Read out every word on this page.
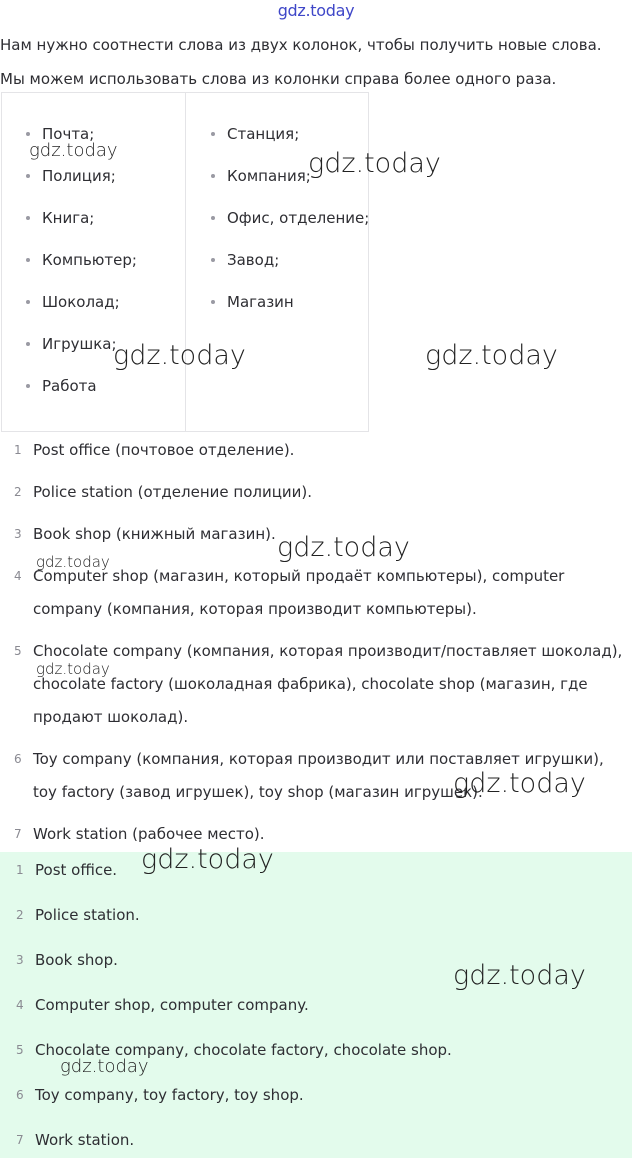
gdz.today

Нам нужно соотнести слова из двух колонок, чтобы получить новые слова. Мы можем использовать слова из колонки справа более одного раза.

Почта;
Полиция;
Книга;
Компьютер;
Шоколад;
Игрушка;
Работа
Станция;
Компания;
Офис, отделение;
Завод;
Магазин
1 Post office (почтовое отделение).
2 Police station (отделение полиции).
3 Book shop (книжный магазин).
4 Computer shop (магазин, который продаёт компьютеры), computer company (компания, которая производит компьютеры).
5 Chocolate company (компания, которая производит/поставляет шоколад), chocolate factory (шоколадная фабрика), chocolate shop (магазин, где продают шоколад).
6 Toy company (компания, которая производит или поставляет игрушки), toy factory (завод игрушек), toy shop (магазин игрушек).
7 Work station (рабочее место).
1 Post office.
2 Police station.
3 Book shop.
4 Computer shop, computer company.
5 Chocolate company, chocolate factory, chocolate shop.
6 Toy company, toy factory, toy shop.
7 Work station.
gdz.today	gdz.today
gdz.today	gdz.today
gdz.today
gdz.today
gdz.today
gdz.today
gdz.today
gdz.today
gdz.today
